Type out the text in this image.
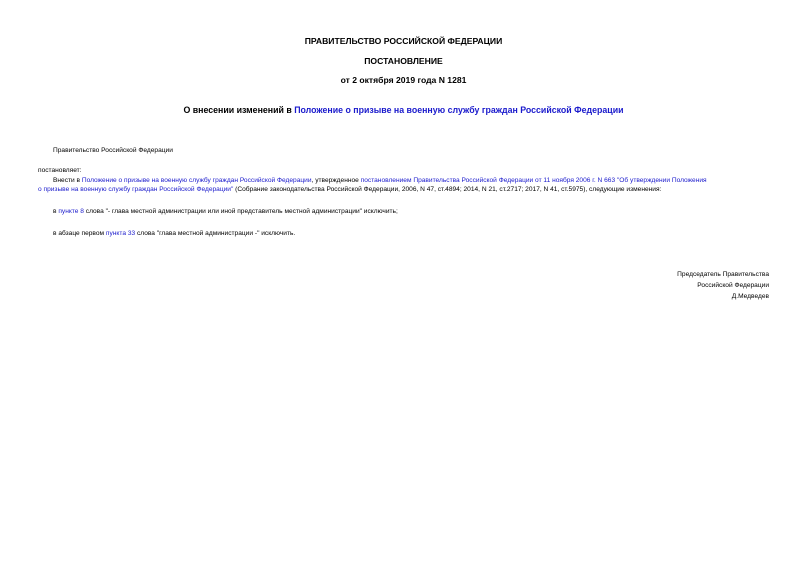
ПРАВИТЕЛЬСТВО РОССИЙСКОЙ ФЕДЕРАЦИИ
ПОСТАНОВЛЕНИЕ
от 2 октября 2019 года N 1281
О внесении изменений в Положение о призыве на военную службу граждан Российской Федерации
Правительство Российской Федерации
постановляет:
Внести в Положение о призыве на военную службу граждан Российской Федерации, утвержденное постановлением Правительства Российской Федерации от 11 ноября 2006 г. N 663 "Об утверждении Положения
о призыве на военную службу граждан Российской Федерации" (Собрание законодательства Российской Федерации, 2006, N 47, ст.4894; 2014, N 21, ст.2717; 2017, N 41, ст.5975), следующие изменения:
в пункте 8 слова "- глава местной администрации или иной представитель местной администрации" исключить;
в абзаце первом пункта 33 слова "глава местной администрации -" исключить.
Председатель Правительства
Российской Федерации
Д.Медведев
